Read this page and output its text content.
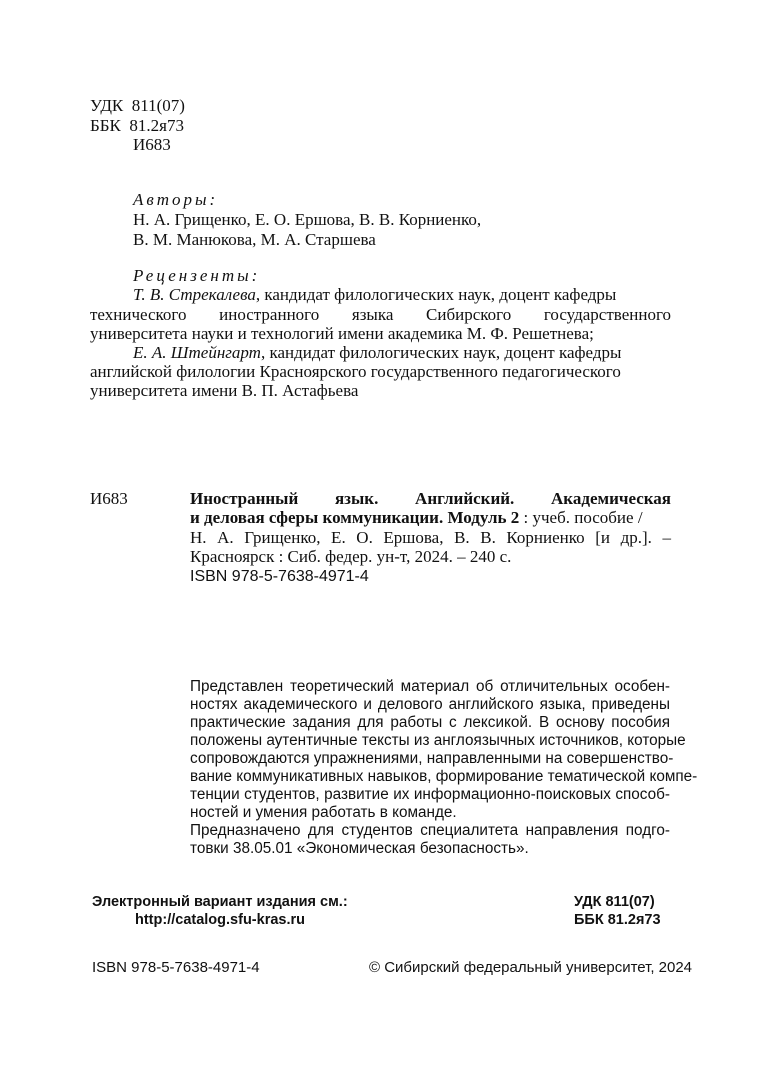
УДК 811(07)
ББК 81.2я73
И683
Авторы:
Н. А. Грищенко, Е. О. Ершова, В. В. Корниенко,
В. М. Манюкова, М. А. Старшева
Рецензенты:
Т. В. Стрекалева, кандидат филологических наук, доцент кафедры
технического иностранного языка Сибирского государственного
университета науки и технологий имени академика М. Ф. Решетнева;
Е. А. Штейнгарт, кандидат филологических наук, доцент кафедры
английской филологии Красноярского государственного педагогического
университета имени В. П. Астафьева
И683	Иностранный язык. Английский. Академическая
и деловая сферы коммуникации. Модуль 2 : учеб. пособие /
Н. А. Грищенко, Е. О. Ершова, В. В. Корниенко [и др.]. –
Красноярск : Сиб. федер. ун-т, 2024. – 240 с.
ISBN 978-5-7638-4971-4
Представлен теоретический материал об отличительных особен-
ностях академического и делового английского языка, приведены
практические задания для работы с лексикой. В основу пособия
положены аутентичные тексты из англоязычных источников, которые
сопровождаются упражнениями, направленными на совершенство-
вание коммуникативных навыков, формирование тематической компе-
тенции студентов, развитие их информационно-поисковых способ-
ностей и умения работать в команде.
Предназначено для студентов специалитета направления подго-
товки 38.05.01 «Экономическая безопасность».
Электронный вариант издания см.:
http://catalog.sfu-kras.ru
УДК 811(07)
ББК 81.2я73
ISBN 978-5-7638-4971-4	© Сибирский федеральный университет, 2024
